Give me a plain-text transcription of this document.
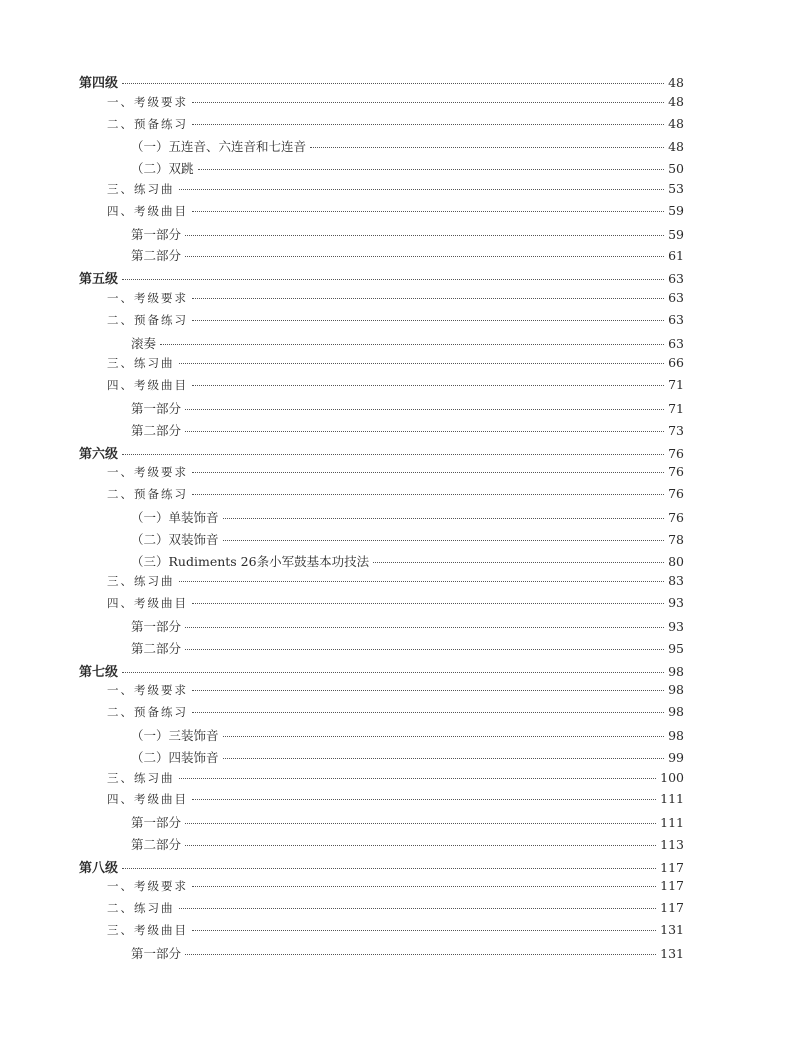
第四级	48
一、考级要求	48
二、预备练习	48
（一）五连音、六连音和七连音	48
（二）双跳	50
三、练习曲	53
四、考级曲目	59
第一部分	59
第二部分	61
第五级	63
一、考级要求	63
二、预备练习	63
滚奏	63
三、练习曲	66
四、考级曲目	71
第一部分	71
第二部分	73
第六级	76
一、考级要求	76
二、预备练习	76
（一）单装饰音	76
（二）双装饰音	78
（三）Rudiments 26条小军鼓基本功技法	80
三、练习曲	83
四、考级曲目	93
第一部分	93
第二部分	95
第七级	98
一、考级要求	98
二、预备练习	98
（一）三装饰音	98
（二）四装饰音	99
三、练习曲	100
四、考级曲目	111
第一部分	111
第二部分	113
第八级	117
一、考级要求	117
二、练习曲	117
三、考级曲目	131
第一部分	131
